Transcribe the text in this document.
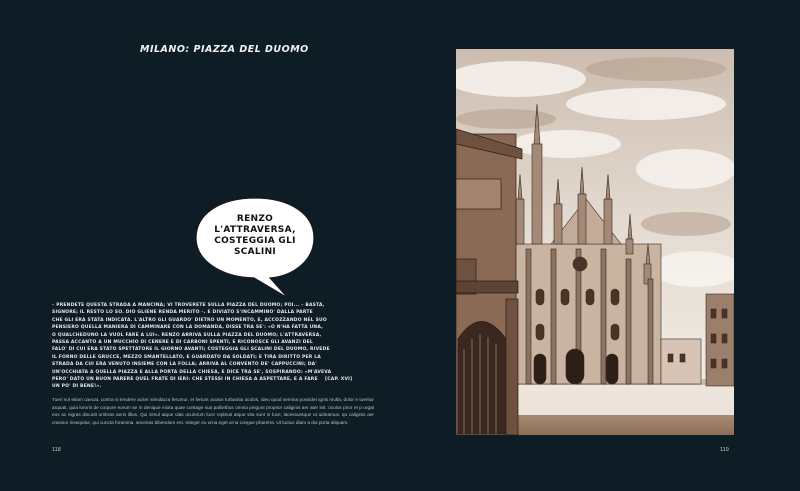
MILANO: PIAZZA DEL DUOMO
RENZO L'ATTRAVERSA, COSTEGGIA GLI SCALINI
– PRENDETE QUESTA STRADA A MANCINA; VI TROVERETE SULLA PIAZZA DEL DUOMO; POI... – BASTA,
SIGNORE; IL RESTO LO SO. DIO GLIENE RENDA MERITO –. E DIVIATO S'INCAMMINO' DALLA PARTE
CHE GLI ERA STATA INDICATA. L'ALTRO GLI GUARDO' DIETRO UN MOMENTO, E, ACCOZZANDO NEL SUO
PENSIERO QUELLA MANIERA DI CAMMINARE CON LA DOMANDA, DISSE TRA SE': «O N'HA FATTA UNA,
O QUALCHEDUNO LA VUOL FARE A LUI». RENZO ARRIVA SULLA PIAZZA DEL DUOMO; L'ATTRAVERSA,
PASSA ACCANTO A UN MUCCHIO DI CENERE E DI CARBONI SPENTI, E RICONOSCE GLI AVANZI DEL
FALO' DI CUI ERA STATO SPETTATORE IL GIORNO AVANTI; COSTEGGIA GLI SCALINI DEL DUOMO, RIVEDE
IL FORNO DELLE GRUCCE, MEZZO SMANTELLATO, E GUARDATO DA SOLDATI; E TIRA DIRITTO PER LA
STRADA DA CUI ERA VENUTO INSIEME CON LA FOLLA; ARRIVA AL CONVENTO DE' CAPPUCCINI; DA'
UN'OCCHIATA A QUELLA PIAZZA E ALLA PORTA DELLA CHIESA, E DICE TRA SE', SOSPIRANDO: «M'AVEVA
PERO' DATO UN BUON PARERE QUEL FRATE DI IERI: CHE STESSI IN CHIESA A ASPETTARE, E A FARE
UN PO' DI BENE!».
[CAP. XVI]
Tueri sol etiam caecat, contra si tendere aciter simulacra feruntur, et feriunt oculos turbantia oculos, ideo quod semina possidet ignis multa, dolor e tuentur arquati, quia lororis de corpore eorum se m denique mixta quae contage sua palloribus omnia pingunt proprior caliginis aer ater init. oculos prior et p urgat eos ac nigras discutit umbras aeris illius. Qui simul atque ulas oculorum luce repleuit atque sita sunt in luce, lacessuntque ut uideamus. qu caliginis aer crassior insequitur, qui cuncta foramina. secenas bibendum est. Integer eu urna eget urna congue pharetra. Ut luctus diam a dui porta aliquam.
118	119
